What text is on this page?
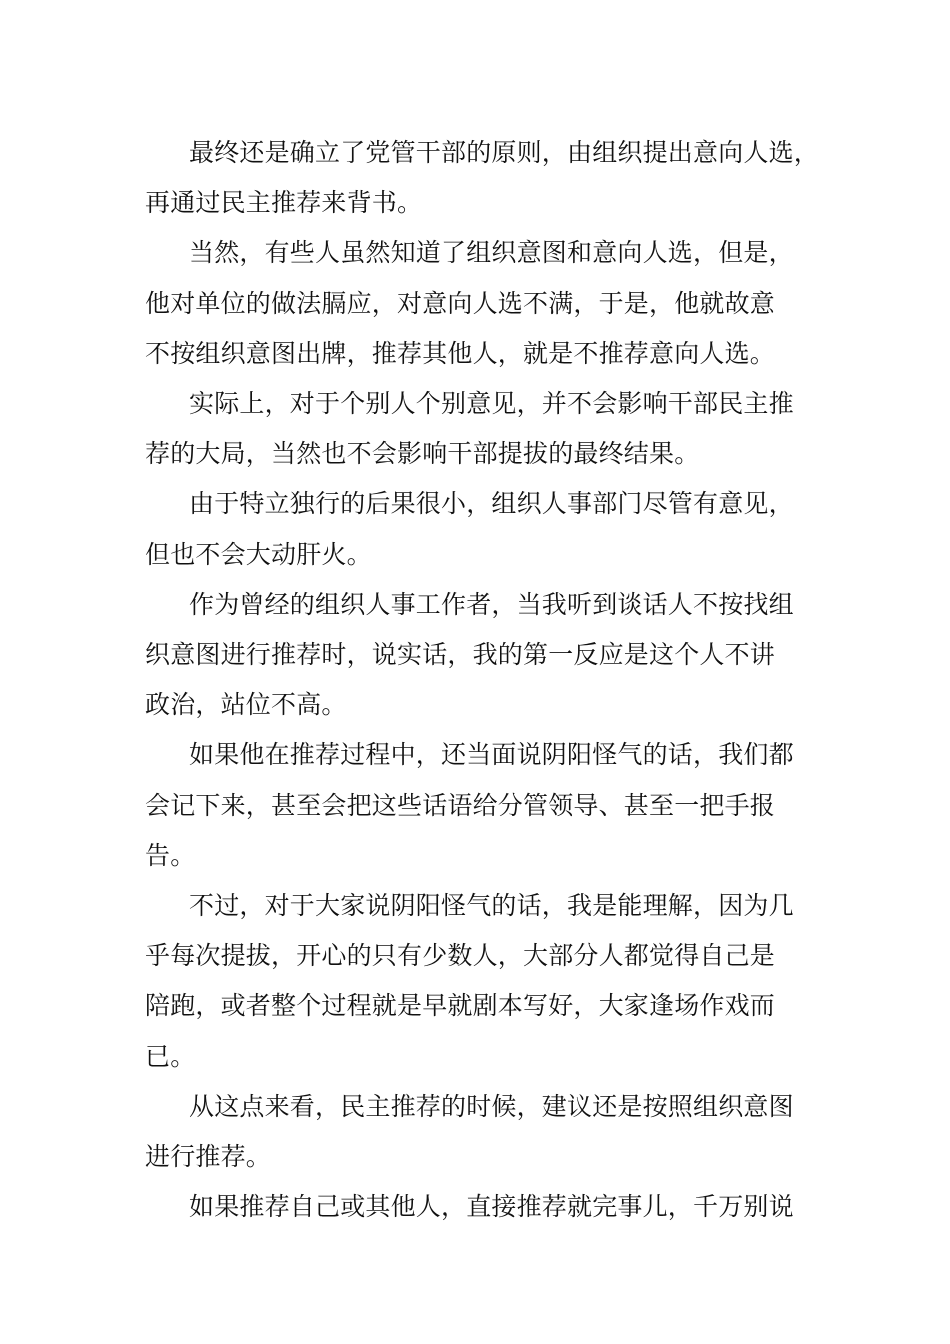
最终还是确立了党管干部的原则，由组织提出意向人选，
再通过民主推荐来背书。
当然，有些人虽然知道了组织意图和意向人选，但是，
他对单位的做法膈应，对意向人选不满，于是，他就故意
不按组织意图出牌，推荐其他人，就是不推荐意向人选。
实际上，对于个别人个别意见，并不会影响干部民主推
荐的大局，当然也不会影响干部提拔的最终结果。
由于特立独行的后果很小，组织人事部门尽管有意见，
但也不会大动肝火。
作为曾经的组织人事工作者，当我听到谈话人不按找组
织意图进行推荐时，说实话，我的第一反应是这个人不讲
政治，站位不高。
如果他在推荐过程中，还当面说阴阳怪气的话，我们都
会记下来，甚至会把这些话语给分管领导、甚至一把手报
告。
不过，对于大家说阴阳怪气的话，我是能理解，因为几
乎每次提拔，开心的只有少数人，大部分人都觉得自己是
陪跑，或者整个过程就是早就剧本写好，大家逢场作戏而
已。
从这点来看，民主推荐的时候，建议还是按照组织意图
进行推荐。
如果推荐自己或其他人，直接推荐就完事儿，千万别说
